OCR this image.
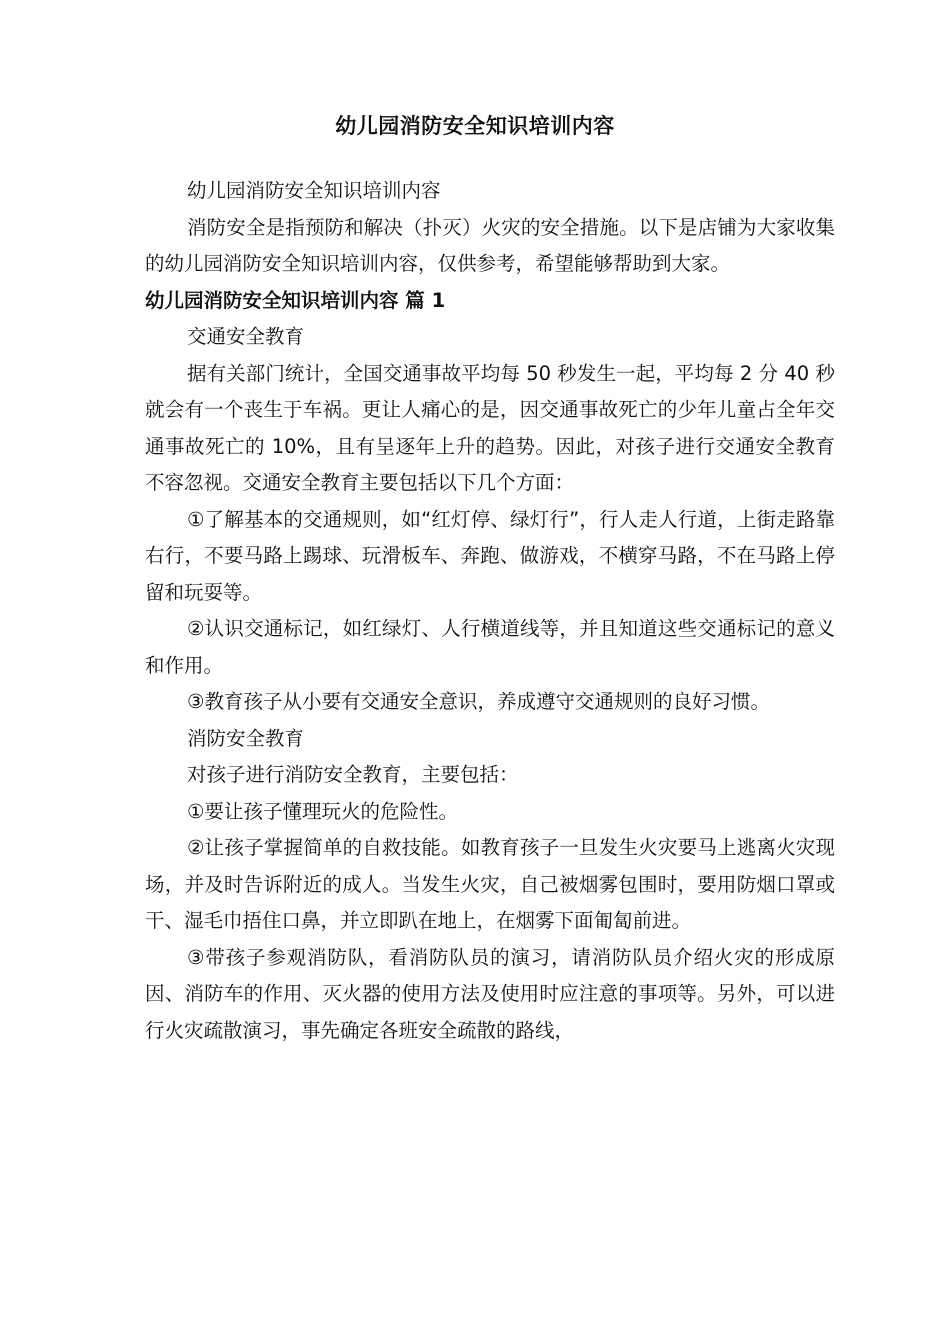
幼儿园消防安全知识培训内容

幼儿园消防安全知识培训内容

消防安全是指预防和解决（扑灭）火灾的安全措施。以下是店铺为大家收集的幼儿园消防安全知识培训内容，仅供参考，希望能够帮助到大家。

幼儿园消防安全知识培训内容 篇 1

交通安全教育

据有关部门统计，全国交通事故平均每 50 秒发生一起，平均每 2 分 40 秒就会有一个丧生于车祸。更让人痛心的是，因交通事故死亡的少年儿童占全年交通事故死亡的 10%，且有呈逐年上升的趋势。因此，对孩子进行交通安全教育不容忽视。交通安全教育主要包括以下几个方面：

①了解基本的交通规则，如“红灯停、绿灯行”，行人走人行道，上街走路靠右行，不要马路上踢球、玩滑板车、奔跑、做游戏，不横穿马路，不在马路上停留和玩耍等。

②认识交通标记，如红绿灯、人行横道线等，并且知道这些交通标记的意义和作用。

③教育孩子从小要有交通安全意识，养成遵守交通规则的良好习惯。

消防安全教育

对孩子进行消防安全教育，主要包括：

①要让孩子懂理玩火的危险性。

②让孩子掌握简单的自救技能。如教育孩子一旦发生火灾要马上逃离火灾现场，并及时告诉附近的成人。当发生火灾，自己被烟雾包围时，要用防烟口罩或干、湿毛巾捂住口鼻，并立即趴在地上，在烟雾下面匍匐前进。

③带孩子参观消防队，看消防队员的演习，请消防队员介绍火灾的形成原因、消防车的作用、灭火器的使用方法及使用时应注意的事项等。另外，可以进行火灾疏散演习，事先确定各班安全疏散的路线，
